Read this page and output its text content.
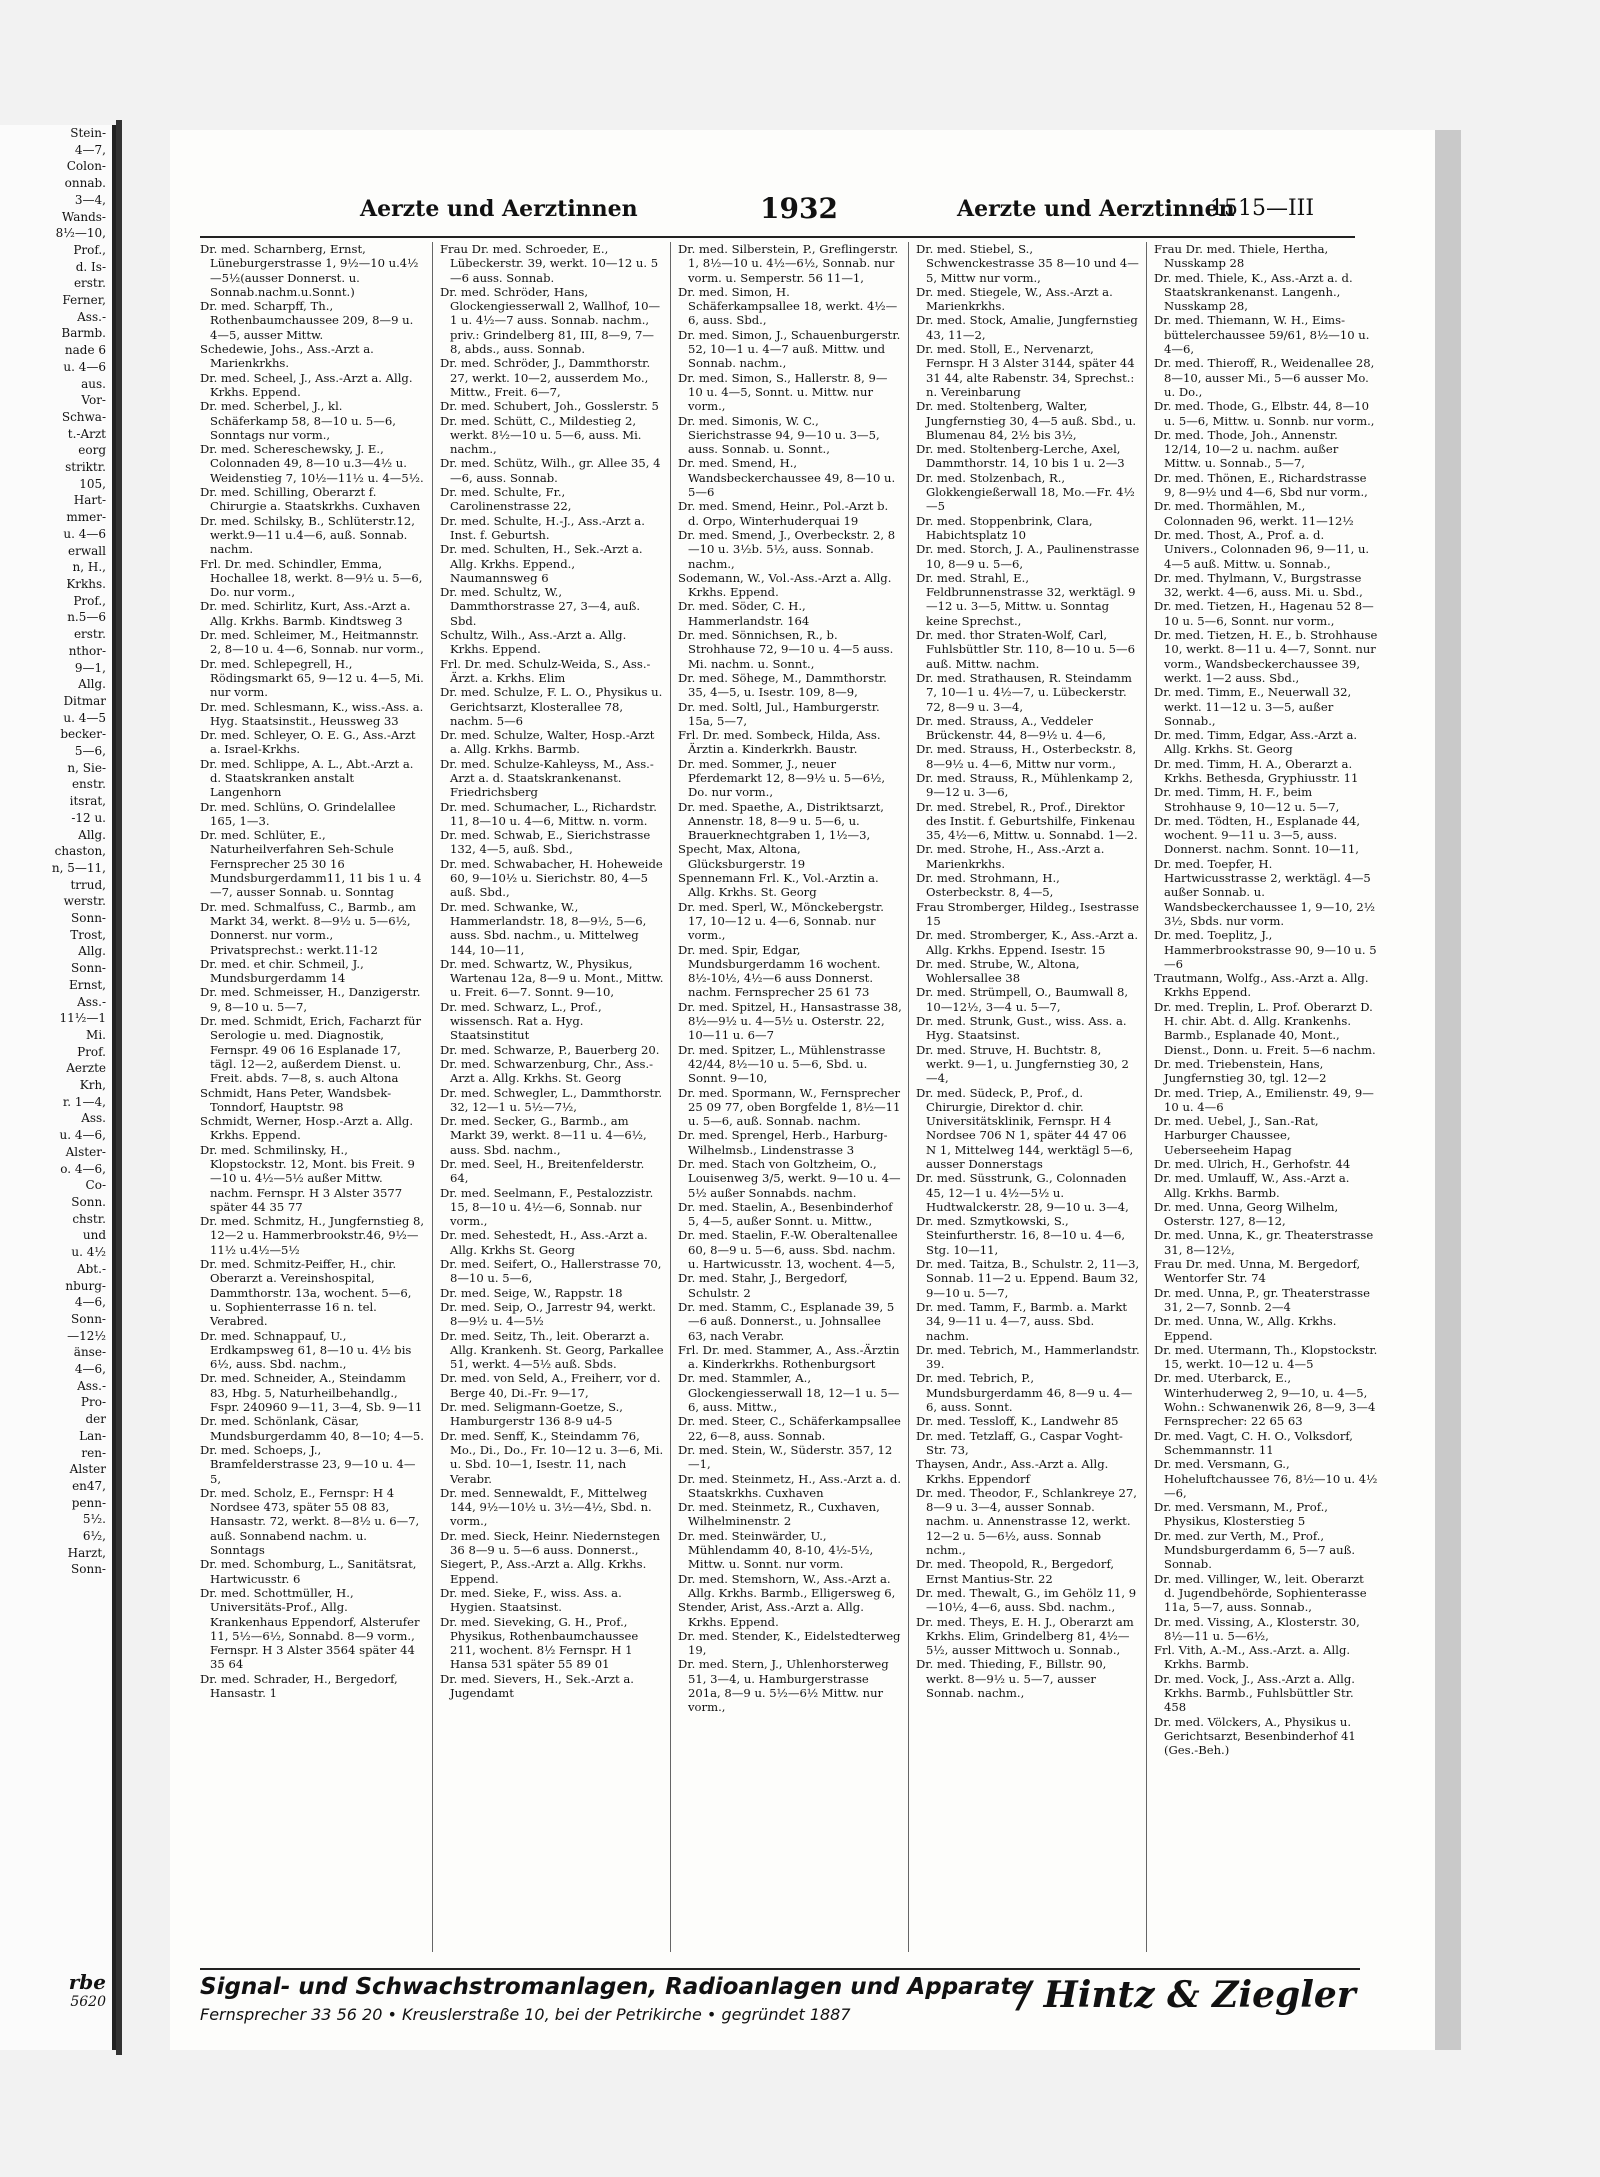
Stein-
4—7,
Colon-
onnab.
3—4,
Wands-
8½—10,
Prof.,
d. Is-
erstr.
Ferner,
Ass.-
Barmb.
nade 6
u. 4—6
aus.
Vor-
Schwa-
t.-Arzt
eorg
striktr.
105,
Hart-
mmer-
u. 4—6
erwall
n, H.,
Krkhs.
Prof.,
n.5—6
erstr.
nthor-
9—1,
Allg.
Ditmar
u. 4—5
becker-
5—6,
n, Sie-
enstr.
itsrat,
-12 u.
Allg.
chaston,
n, 5—11,
trrud,
werstr.
Sonn-
Trost,
Allg.
Sonn-
Ernst,
Ass.-
11½—1
Mi.
Prof.
Aerzte
Krh,
r. 1—4,
Ass.
u. 4—6,
Alster-
o. 4—6,
Co-
Sonn.
chstr.
und
u. 4½
Abt.-
nburg-
4—6,
Sonn-
—12½
änse-
4—6,
Ass.-
Pro-
der
Lan-
ren-
Alster
en47,
penn-
5½.
6½,
Harzt,
Sonn-
rbe
5620
Aerzte und Aerztinnen	1932	Aerzte und Aerztinnen
1515—III

Dr. med. Scharnberg, Ernst, Lüneburgerstrasse 1, 9½—10 u.4½—5½(ausser Donnerst. u. Sonnab.nachm.u.Sonnt.)

Dr. med. Scharpff, Th., Rothenbaumchaussee 209, 8—9 u. 4—5, ausser Mittw.

Schedewie, Johs., Ass.-Arzt a. Marienkrkhs.

Dr. med. Scheel, J., Ass.-Arzt a. Allg. Krkhs. Eppend.

Dr. med. Scherbel, J., kl. Schäferkamp 58, 8—10 u. 5—6, Sonntags nur vorm.,

Dr. med. Schereschewsky, J. E., Colonnaden 49, 8—10 u.3—4½ u. Weidenstieg 7, 10½—11½ u. 4—5½.

Dr. med. Schilling, Oberarzt f. Chirurgie a. Staatskrkhs. Cuxhaven

Dr. med. Schilsky, B., Schlüterstr.12, werkt.9—11 u.4—6, auß. Sonnab. nachm.

Frl. Dr. med. Schindler, Emma, Hochallee 18, werkt. 8—9½ u. 5—6, Do. nur vorm.,

Dr. med. Schirlitz, Kurt, Ass.-Arzt a. Allg. Krkhs. Barmb. Kindtsweg 3

Dr. med. Schleimer, M., Heitmannstr. 2, 8—10 u. 4—6, Sonnab. nur vorm.,

Dr. med. Schlepegrell, H., Rödingsmarkt 65, 9—12 u. 4—5, Mi. nur vorm.

Dr. med. Schlesmann, K., wiss.-Ass. a. Hyg. Staatsinstit., Heussweg 33

Dr. med. Schleyer, O. E. G., Ass.-Arzt a. Israel-Krkhs.

Dr. med. Schlippe, A. L., Abt.-Arzt a. d. Staatskranken anstalt Langenhorn

Dr. med. Schlüns, O. Grindelallee 165, 1—3.

Dr. med. Schlüter, E., Naturheilverfahren Seh-Schule Fernsprecher 25 30 16 Mundsburgerdamm11, 11 bis 1 u. 4—7, ausser Sonnab. u. Sonntag

Dr. med. Schmalfuss, C., Barmb., am Markt 34, werkt. 8—9½ u. 5—6½, Donnerst. nur vorm., Privatsprechst.: werkt.11-12

Dr. med. et chir. Schmeil, J., Mundsburgerdamm 14

Dr. med. Schmeisser, H., Danzigerstr. 9, 8—10 u. 5—7,

Dr. med. Schmidt, Erich, Facharzt für Serologie u. med. Diagnostik, Fernspr. 49 06 16 Esplanade 17, tägl. 12—2, außerdem Dienst. u. Freit. abds. 7—8, s. auch Altona

Schmidt, Hans Peter, Wandsbek-Tonndorf, Hauptstr. 98

Schmidt, Werner, Hosp.-Arzt a. Allg. Krkhs. Eppend.

Dr. med. Schmilinsky, H., Klopstockstr. 12, Mont. bis Freit. 9—10 u. 4½—5½ außer Mittw. nachm. Fernspr. H 3 Alster 3577 später 44 35 77

Dr. med. Schmitz, H., Jungfernstieg 8, 12—2 u. Hammerbrookstr.46, 9½—11½ u.4½—5½

Dr. med. Schmitz-Peiffer, H., chir. Oberarzt a. Vereinshospital, Dammthorstr. 13a, wochent. 5—6, u. Sophienterrasse 16 n. tel. Verabred.

Dr. med. Schnappauf, U., Erdkampsweg 61, 8—10 u. 4½ bis 6½, auss. Sbd. nachm.,

Dr. med. Schneider, A., Steindamm 83, Hbg. 5, Naturheilbehandlg., Fspr. 240960 9—11, 3—4, Sb. 9—11

Dr. med. Schönlank, Cäsar, Mundsburgerdamm 40, 8—10; 4—5.

Dr. med. Schoeps, J., Bramfelderstrasse 23, 9—10 u. 4—5,

Dr. med. Scholz, E., Fernspr: H 4 Nordsee 473, später 55 08 83, Hansastr. 72, werkt. 8—8½ u. 6—7, auß. Sonnabend nachm. u. Sonntags

Dr. med. Schomburg, L., Sanitätsrat, Hartwicusstr. 6

Dr. med. Schottmüller, H., Universitäts-Prof., Allg. Krankenhaus Eppendorf, Alsterufer 11, 5½—6½, Sonnabd. 8—9 vorm., Fernspr. H 3 Alster 3564 später 44 35 64

Dr. med. Schrader, H., Bergedorf, Hansastr. 1

Frau Dr. med. Schroeder, E., Lübeckerstr. 39, werkt. 10—12 u. 5—6 auss. Sonnab.

Dr. med. Schröder, Hans, Glockengiesserwall 2, Wallhof, 10—1 u. 4½—7 auss. Sonnab. nachm., priv.: Grindelberg 81, III, 8—9, 7—8, abds., auss. Sonnab.

Dr. med. Schröder, J., Dammthorstr. 27, werkt. 10—2, ausserdem Mo., Mittw., Freit. 6—7,

Dr. med. Schubert, Joh., Gosslerstr. 5

Dr. med. Schütt, C., Mildestieg 2, werkt. 8½—10 u. 5—6, auss. Mi. nachm.,

Dr. med. Schütz, Wilh., gr. Allee 35, 4—6, auss. Sonnab.

Dr. med. Schulte, Fr., Carolinenstrasse 22,

Dr. med. Schulte, H.-J., Ass.-Arzt a. Inst. f. Geburtsh.

Dr. med. Schulten, H., Sek.-Arzt a. Allg. Krkhs. Eppend., Naumannsweg 6

Dr. med. Schultz, W., Dammthorstrasse 27, 3—4, auß. Sbd.

Schultz, Wilh., Ass.-Arzt a. Allg. Krkhs. Eppend.

Frl. Dr. med. Schulz-Weida, S., Ass.-Ärzt. a. Krkhs. Elim

Dr. med. Schulze, F. L. O., Physikus u. Gerichtsarzt, Klosterallee 78, nachm. 5—6

Dr. med. Schulze, Walter, Hosp.-Arzt a. Allg. Krkhs. Barmb.

Dr. med. Schulze-Kahleyss, M., Ass.-Arzt a. d. Staatskrankenanst. Friedrichsberg

Dr. med. Schumacher, L., Richardstr. 11, 8—10 u. 4—6, Mittw. n. vorm.

Dr. med. Schwab, E., Sierichstrasse 132, 4—5, auß. Sbd.,

Dr. med. Schwabacher, H. Hoheweide 60, 9—10½ u. Sierichstr. 80, 4—5 auß. Sbd.,

Dr. med. Schwanke, W., Hammerlandstr. 18, 8—9½, 5—6, auss. Sbd. nachm., u. Mittelweg 144, 10—11,

Dr. med. Schwartz, W., Physikus, Wartenau 12a, 8—9 u. Mont., Mittw. u. Freit. 6—7. Sonnt. 9—10,

Dr. med. Schwarz, L., Prof., wissensch. Rat a. Hyg. Staatsinstitut

Dr. med. Schwarze, P., Bauerberg 20.

Dr. med. Schwarzenburg, Chr., Ass.-Arzt a. Allg. Krkhs. St. Georg

Dr. med. Schwegler, L., Dammthorstr. 32, 12—1 u. 5½—7½,

Dr. med. Secker, G., Barmb., am Markt 39, werkt. 8—11 u. 4—6½, auss. Sbd. nachm.,

Dr. med. Seel, H., Breitenfelderstr. 64,

Dr. med. Seelmann, F., Pestalozzistr. 15, 8—10 u. 4½—6, Sonnab. nur vorm.,

Dr. med. Sehestedt, H., Ass.-Arzt a. Allg. Krkhs St. Georg

Dr. med. Seifert, O., Hallerstrasse 70, 8—10 u. 5—6,

Dr. med. Seige, W., Rappstr. 18

Dr. med. Seip, O., Jarrestr 94, werkt. 8—9½ u. 4—5½

Dr. med. Seitz, Th., leit. Oberarzt a. Allg. Krankenh. St. Georg, Parkallee 51, werkt. 4—5½ auß. Sbds.

Dr. med. von Seld, A., Freiherr, vor d. Berge 40, Di.-Fr. 9—17,

Dr. med. Seligmann-Goetze, S., Hamburgerstr 136 8-9 u4-5

Dr. med. Senff, K., Steindamm 76, Mo., Di., Do., Fr. 10—12 u. 3—6, Mi. u. Sbd. 10—1, Isestr. 11, nach Verabr.

Dr. med. Sennewaldt, F., Mittelweg 144, 9½—10½ u. 3½—4½, Sbd. n. vorm.,

Dr. med. Sieck, Heinr. Niedernstegen 36 8—9 u. 5—6 auss. Donnerst.,

Siegert, P., Ass.-Arzt a. Allg. Krkhs. Eppend.

Dr. med. Sieke, F., wiss. Ass. a. Hygien. Staatsinst.

Dr. med. Sieveking, G. H., Prof., Physikus, Rothenbaumchaussee 211, wochent. 8½ Fernspr. H 1 Hansa 531 später 55 89 01

Dr. med. Sievers, H., Sek.-Arzt a. Jugendamt

Dr. med. Silberstein, P., Greflingerstr. 1, 8½—10 u. 4½—6½, Sonnab. nur vorm. u. Semperstr. 56 11—1,

Dr. med. Simon, H. Schäferkampsallee 18, werkt. 4½—6, auss. Sbd.,

Dr. med. Simon, J., Schauenburgerstr. 52, 10—1 u. 4—7 auß. Mittw. und Sonnab. nachm.,

Dr. med. Simon, S., Hallerstr. 8, 9—10 u. 4—5, Sonnt. u. Mittw. nur vorm.,

Dr. med. Simonis, W. C., Sierichstrasse 94, 9—10 u. 3—5, auss. Sonnab. u. Sonnt.,

Dr. med. Smend, H., Wandsbeckerchaussee 49, 8—10 u. 5—6

Dr. med. Smend, Heinr., Pol.-Arzt b. d. Orpo, Winterhuderquai 19

Dr. med. Smend, J., Overbeckstr. 2, 8—10 u. 3½b. 5½, auss. Sonnab. nachm.,

Sodemann, W., Vol.-Ass.-Arzt a. Allg. Krkhs. Eppend.

Dr. med. Söder, C. H., Hammerlandstr. 164

Dr. med. Sönnichsen, R., b. Strohhause 72, 9—10 u. 4—5 auss. Mi. nachm. u. Sonnt.,

Dr. med. Söhege, M., Dammthorstr. 35, 4—5, u. Isestr. 109, 8—9,

Dr. med. Soltl, Jul., Hamburgerstr. 15a, 5—7,

Frl. Dr. med. Sombeck, Hilda, Ass. Ärztin a. Kinderkrkh. Baustr.

Dr. med. Sommer, J., neuer Pferdemarkt 12, 8—9½ u. 5—6½, Do. nur vorm.,

Dr. med. Spaethe, A., Distriktsarzt, Annenstr. 18, 8—9 u. 5—6, u. Brauerknechtgraben 1, 1½—3,

Specht, Max, Altona, Glücksburgerstr. 19

Spennemann Frl. K., Vol.-Arztin a. Allg. Krkhs. St. Georg

Dr. med. Sperl, W., Mönckebergstr. 17, 10—12 u. 4—6, Sonnab. nur vorm.,

Dr. med. Spir, Edgar, Mundsburgerdamm 16 wochent. 8½-10½, 4½—6 auss Donnerst. nachm. Fernsprecher 25 61 73

Dr. med. Spitzel, H., Hansastrasse 38, 8½—9½ u. 4—5½ u. Osterstr. 22, 10—11 u. 6—7

Dr. med. Spitzer, L., Mühlenstrasse 42/44, 8½—10 u. 5—6, Sbd. u. Sonnt. 9—10,

Dr. med. Spormann, W., Fernsprecher 25 09 77, oben Borgfelde 1, 8½—11 u. 5—6, auß. Sonnab. nachm.

Dr. med. Sprengel, Herb., Harburg-Wilhelmsb., Lindenstrasse 3

Dr. med. Stach von Goltzheim, O., Louisenweg 3/5, werkt. 9—10 u. 4—5½ außer Sonnabds. nachm.

Dr. med. Staelin, A., Besenbinderhof 5, 4—5, außer Sonnt. u. Mittw.,

Dr. med. Staelin, F.-W. Oberaltenallee 60, 8—9 u. 5—6, auss. Sbd. nachm. u. Hartwicusstr. 13, wochent. 4—5,

Dr. med. Stahr, J., Bergedorf, Schulstr. 2

Dr. med. Stamm, C., Esplanade 39, 5—6 auß. Donnerst., u. Johnsallee 63, nach Verabr.

Frl. Dr. med. Stammer, A., Ass.-Ärztin a. Kinderkrkhs. Rothenburgsort

Dr. med. Stammler, A., Glockengiesserwall 18, 12—1 u. 5—6, auss. Mittw.,

Dr. med. Steer, C., Schäferkampsallee 22, 6—8, auss. Sonnab.

Dr. med. Stein, W., Süderstr. 357, 12—1,

Dr. med. Steinmetz, H., Ass.-Arzt a. d. Staatskrkhs. Cuxhaven

Dr. med. Steinmetz, R., Cuxhaven, Wilhelminenstr. 2

Dr. med. Steinwärder, U., Mühlendamm 40, 8-10, 4½-5½, Mittw. u. Sonnt. nur vorm.

Dr. med. Stemshorn, W., Ass.-Arzt a. Allg. Krkhs. Barmb., Elligersweg 6,

Stender, Arist, Ass.-Arzt a. Allg. Krkhs. Eppend.

Dr. med. Stender, K., Eidelstedterweg 19,

Dr. med. Stern, J., Uhlenhorsterweg 51, 3—4, u. Hamburgerstrasse 201a, 8—9 u. 5½—6½ Mittw. nur vorm.,

Dr. med. Stiebel, S., Schwenckestrasse 35 8—10 und 4—5, Mittw nur vorm.,

Dr. med. Stiegele, W., Ass.-Arzt a. Marienkrkhs.

Dr. med. Stock, Amalie, Jungfernstieg 43, 11—2,

Dr. med. Stoll, E., Nervenarzt, Fernspr. H 3 Alster 3144, später 44 31 44, alte Rabenstr. 34, Sprechst.: n. Vereinbarung

Dr. med. Stoltenberg, Walter, Jungfernstieg 30, 4—5 auß. Sbd., u. Blumenau 84, 2½ bis 3½,

Dr. med. Stoltenberg-Lerche, Axel, Dammthorstr. 14, 10 bis 1 u. 2—3

Dr. med. Stolzenbach, R., Glokkengießerwall 18, Mo.—Fr. 4½—5

Dr. med. Stoppenbrink, Clara, Habichtsplatz 10

Dr. med. Storch, J. A., Paulinenstrasse 10, 8—9 u. 5—6,

Dr. med. Strahl, E., Feldbrunnenstrasse 32, werktägl. 9—12 u. 3—5, Mittw. u. Sonntag keine Sprechst.,

Dr. med. thor Straten-Wolf, Carl, Fuhlsbüttler Str. 110, 8—10 u. 5—6 auß. Mittw. nachm.

Dr. med. Strathausen, R. Steindamm 7, 10—1 u. 4½—7, u. Lübeckerstr. 72, 8—9 u. 3—4,

Dr. med. Strauss, A., Veddeler Brückenstr. 44, 8—9½ u. 4—6,

Dr. med. Strauss, H., Osterbeckstr. 8, 8—9½ u. 4—6, Mittw nur vorm.,

Dr. med. Strauss, R., Mühlenkamp 2, 9—12 u. 3—6,

Dr. med. Strebel, R., Prof., Direktor des Instit. f. Geburtshilfe, Finkenau 35, 4½—6, Mittw. u. Sonnabd. 1—2.

Dr. med. Strohe, H., Ass.-Arzt a. Marienkrkhs.

Dr. med. Strohmann, H., Osterbeckstr. 8, 4—5,

Frau Stromberger, Hildeg., Isestrasse 15

Dr. med. Stromberger, K., Ass.-Arzt a. Allg. Krkhs. Eppend. Isestr. 15

Dr. med. Strube, W., Altona, Wohlersallee 38

Dr. med. Strümpell, O., Baumwall 8, 10—12½, 3—4 u. 5—7,

Dr. med. Strunk, Gust., wiss. Ass. a. Hyg. Staatsinst.

Dr. med. Struve, H. Buchtstr. 8, werkt. 9—1, u. Jungfernstieg 30, 2—4,

Dr. med. Südeck, P., Prof., d. Chirurgie, Direktor d. chir. Universitätsklinik, Fernspr. H 4 Nordsee 706 N 1, später 44 47 06 N 1, Mittelweg 144, werktägl 5—6, ausser Donnerstags

Dr. med. Süsstrunk, G., Colonnaden 45, 12—1 u. 4½—5½ u. Hudtwalckerstr. 28, 9—10 u. 3—4,

Dr. med. Szmytkowski, S., Steinfurtherstr. 16, 8—10 u. 4—6, Stg. 10—11,

Dr. med. Taitza, B., Schulstr. 2, 11—3, Sonnab. 11—2 u. Eppend. Baum 32, 9—10 u. 5—7,

Dr. med. Tamm, F., Barmb. a. Markt 34, 9—11 u. 4—7, auss. Sbd. nachm.

Dr. med. Tebrich, M., Hammerlandstr. 39.

Dr. med. Tebrich, P., Mundsburgerdamm 46, 8—9 u. 4—6, auss. Sonnt.

Dr. med. Tessloff, K., Landwehr 85

Dr. med. Tetzlaff, G., Caspar Voght-Str. 73,

Thaysen, Andr., Ass.-Arzt a. Allg. Krkhs. Eppendorf

Dr. med. Theodor, F., Schlankreye 27, 8—9 u. 3—4, ausser Sonnab. nachm. u. Annenstrasse 12, werkt. 12—2 u. 5—6½, auss. Sonnab nchm.,

Dr. med. Theopold, R., Bergedorf, Ernst Mantius-Str. 22

Dr. med. Thewalt, G., im Gehölz 11, 9—10½, 4—6, auss. Sbd. nachm.,

Dr. med. Theys, E. H. J., Oberarzt am Krkhs. Elim, Grindelberg 81, 4½—5½, ausser Mittwoch u. Sonnab.,

Dr. med. Thieding, F., Billstr. 90, werkt. 8—9½ u. 5—7, ausser Sonnab. nachm.,

Frau Dr. med. Thiele, Hertha, Nusskamp 28

Dr. med. Thiele, K., Ass.-Arzt a. d. Staatskrankenanst. Langenh., Nusskamp 28,

Dr. med. Thiemann, W. H., Eims-büttelerchaussee 59/61, 8½—10 u. 4—6,

Dr. med. Thieroff, R., Weidenallee 28, 8—10, ausser Mi., 5—6 ausser Mo. u. Do.,

Dr. med. Thode, G., Elbstr. 44, 8—10 u. 5—6, Mittw. u. Sonnb. nur vorm.,

Dr. med. Thode, Joh., Annenstr. 12/14, 10—2 u. nachm. außer Mittw. u. Sonnab., 5—7,

Dr. med. Thönen, E., Richardstrasse 9, 8—9½ und 4—6, Sbd nur vorm.,

Dr. med. Thormählen, M., Colonnaden 96, werkt. 11—12½

Dr. med. Thost, A., Prof. a. d. Univers., Colonnaden 96, 9—11, u. 4—5 auß. Mittw. u. Sonnab.,

Dr. med. Thylmann, V., Burgstrasse 32, werkt. 4—6, auss. Mi. u. Sbd.,

Dr. med. Tietzen, H., Hagenau 52 8—10 u. 5—6, Sonnt. nur vorm.,

Dr. med. Tietzen, H. E., b. Strohhause 10, werkt. 8—11 u. 4—7, Sonnt. nur vorm., Wandsbeckerchaussee 39, werkt. 1—2 auss. Sbd.,

Dr. med. Timm, E., Neuerwall 32, werkt. 11—12 u. 3—5, außer Sonnab.,

Dr. med. Timm, Edgar, Ass.-Arzt a. Allg. Krkhs. St. Georg

Dr. med. Timm, H. A., Oberarzt a. Krkhs. Bethesda, Gryphiusstr. 11

Dr. med. Timm, H. F., beim Strohhause 9, 10—12 u. 5—7,

Dr. med. Tödten, H., Esplanade 44, wochent. 9—11 u. 3—5, auss. Donnerst. nachm. Sonnt. 10—11,

Dr. med. Toepfer, H. Hartwicusstrasse 2, werktägl. 4—5 außer Sonnab. u. Wandsbeckerchaussee 1, 9—10, 2½ 3½, Sbds. nur vorm.

Dr. med. Toeplitz, J., Hammerbrookstrasse 90, 9—10 u. 5—6

Trautmann, Wolfg., Ass.-Arzt a. Allg. Krkhs Eppend.

Dr. med. Treplin, L. Prof. Oberarzt D. H. chir. Abt. d. Allg. Krankenhs. Barmb., Esplanade 40, Mont., Dienst., Donn. u. Freit. 5—6 nachm.

Dr. med. Triebenstein, Hans, Jungfernstieg 30, tgl. 12—2

Dr. med. Triep, A., Emilienstr. 49, 9—10 u. 4—6

Dr. med. Uebel, J., San.-Rat, Harburger Chaussee, Ueberseeheim Hapag

Dr. med. Ulrich, H., Gerhofstr. 44

Dr. med. Umlauff, W., Ass.-Arzt a. Allg. Krkhs. Barmb.

Dr. med. Unna, Georg Wilhelm, Osterstr. 127, 8—12,

Dr. med. Unna, K., gr. Theaterstrasse 31, 8—12½,

Frau Dr. med. Unna, M. Bergedorf, Wentorfer Str. 74

Dr. med. Unna, P., gr. Theaterstrasse 31, 2—7, Sonnb. 2—4

Dr. med. Unna, W., Allg. Krkhs. Eppend.

Dr. med. Utermann, Th., Klopstockstr. 15, werkt. 10—12 u. 4—5

Dr. med. Uterbarck, E., Winterhuderweg 2, 9—10, u. 4—5, Wohn.: Schwanenwik 26, 8—9, 3—4 Fernsprecher: 22 65 63

Dr. med. Vagt, C. H. O., Volksdorf, Schemmannstr. 11

Dr. med. Versmann, G., Hoheluftchaussee 76, 8½—10 u. 4½—6,

Dr. med. Versmann, M., Prof., Physikus, Klosterstieg 5

Dr. med. zur Verth, M., Prof., Mundsburgerdamm 6, 5—7 auß. Sonnab.

Dr. med. Villinger, W., leit. Oberarzt d. Jugendbehörde, Sophienterasse 11a, 5—7, auss. Sonnab.,

Dr. med. Vissing, A., Klosterstr. 30, 8½—11 u. 5—6½,

Frl. Vith, A.-M., Ass.-Arzt. a. Allg. Krkhs. Barmb.

Dr. med. Vock, J., Ass.-Arzt a. Allg. Krkhs. Barmb., Fuhlsbüttler Str. 458

Dr. med. Völckers, A., Physikus u. Gerichtsarzt, Besenbinderhof 41 (Ges.-Beh.)

Signal- und Schwachstromanlagen, Radioanlagen und Apparate
Fernsprecher 33 56 20 • Kreuslerstraße 10, bei der Petrikirche • gegründet 1887	/ Hintz & Ziegler
